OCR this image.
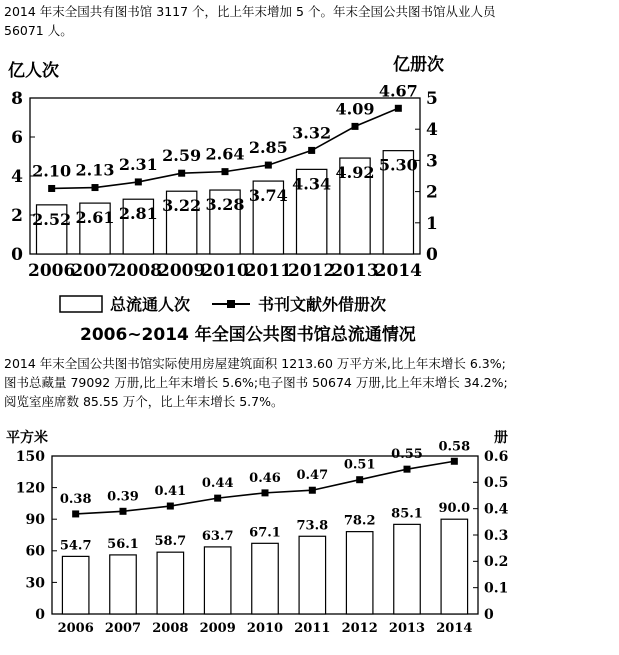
2014 年末全国共有图书馆 3117 个，比上年末增加 5 个。年末全国公共图书馆从业人员
56071 人。
亿人次	亿册次
0
2
4
6
8
0
1
2
3
4
5
2006
2007
2008
2009
2010
2011
2012
2013
2014
2.52 2.61 2.81 3.22 3.28 3.74
4.34
4.92 5.30
2.10 2.13 2.31 2.59 2.64 2.85
3.32
4.09
4.67
总流通人次	书刊文献外借册次
2006~2014 年全国公共图书馆总流通情况
2014 年末全国公共图书馆实际使用房屋建筑面积 1213.60 万平方米,比上年末增长 6.3%;
图书总藏量 79092 万册,比上年末增长 5.6%;电子图书 50674 万册,比上年末增长 34.2%;
阅览室座席数 85.55 万个，比上年末增长 5.7%。
平方米	册
0
30
60
90
120
150
0
0.1
0.2
0.3
0.4
0.5
0.6
2006 2007 2008 2009 2010 2011 2012 2013 2014
54.7 56.1 58.7 63.7 67.1 73.8 78.2 85.1 90.0
0.38 0.39 0.41
0.44 0.46 0.47
0.51
0.55
0.58
